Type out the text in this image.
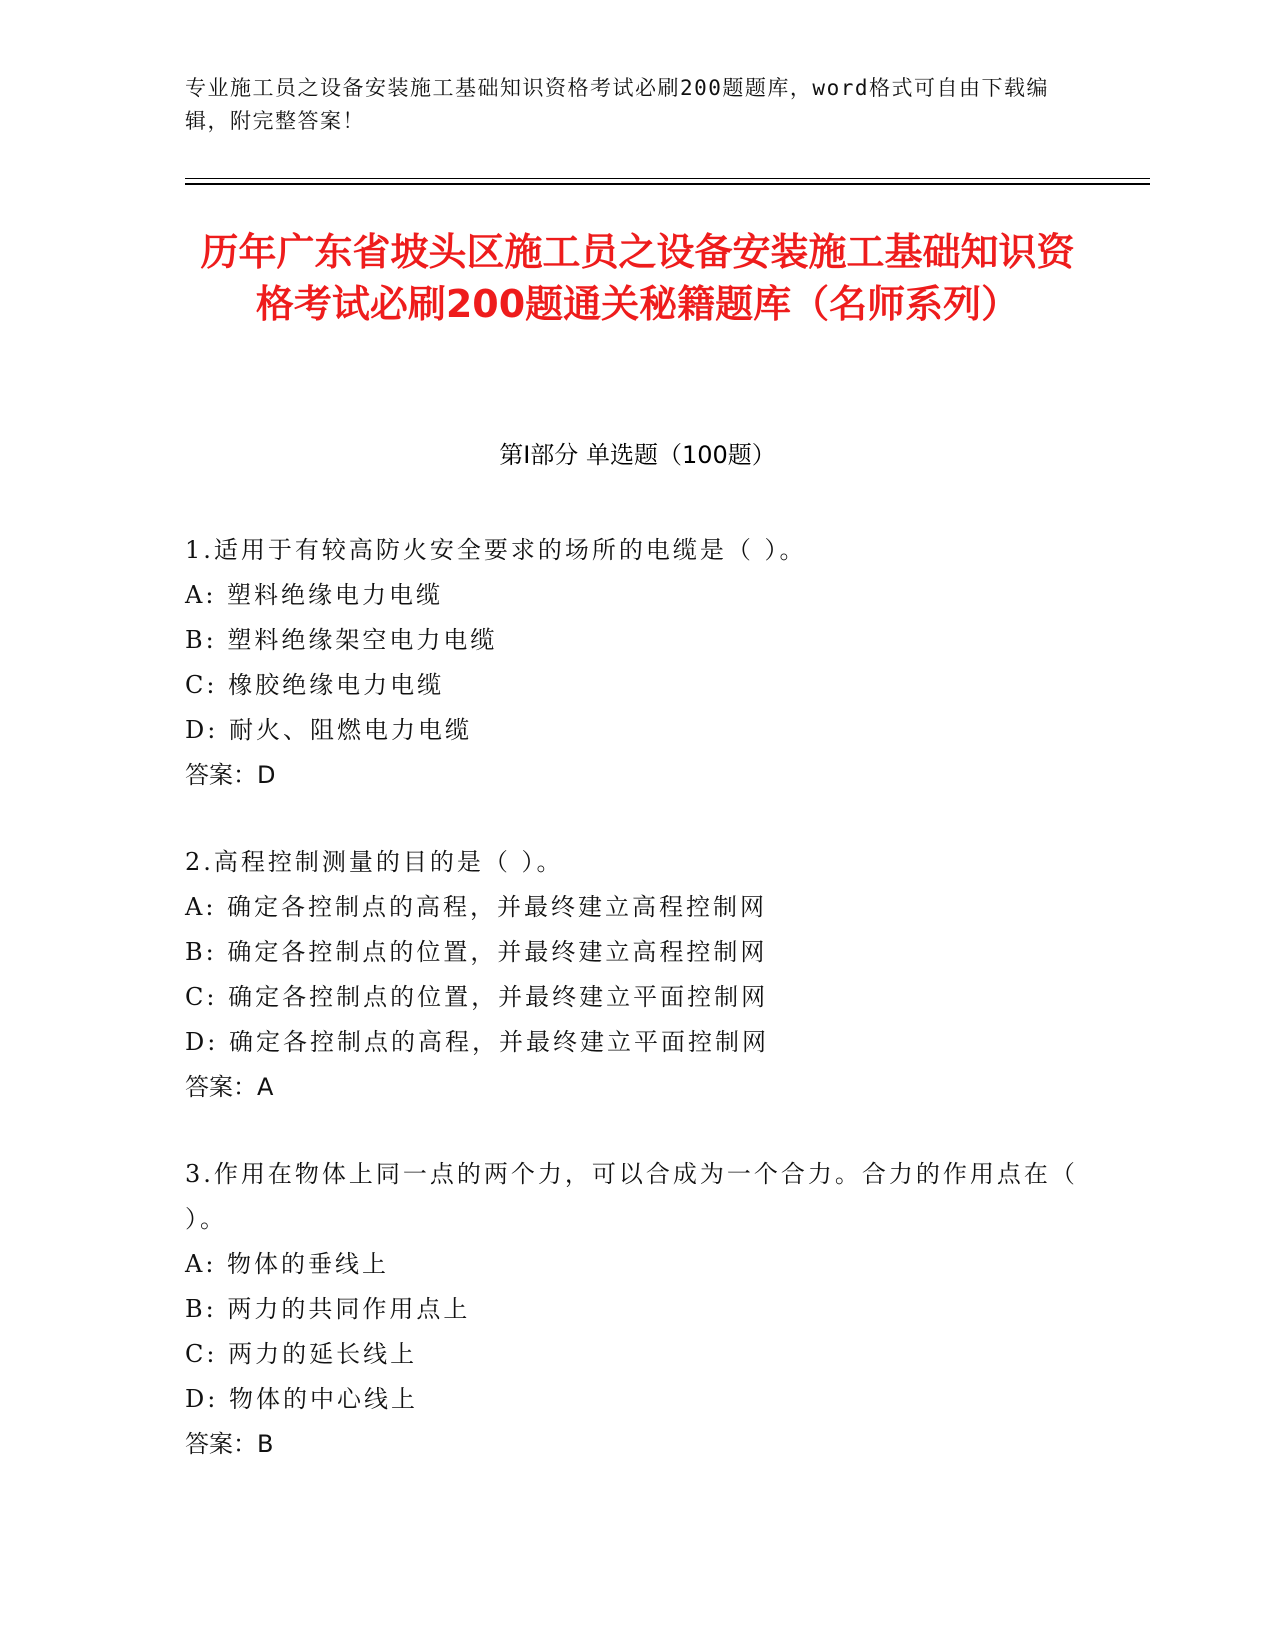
专业施工员之设备安装施工基础知识资格考试必刷200题题库，word格式可自由下载编辑，附完整答案！
历年广东省坡头区施工员之设备安装施工基础知识资格考试必刷200题通关秘籍题库（名师系列）
第I部分 单选题（100题）
1.适用于有较高防火安全要求的场所的电缆是（ ）。
A: 塑料绝缘电力电缆
B: 塑料绝缘架空电力电缆
C: 橡胶绝缘电力电缆
D: 耐火、阻燃电力电缆
答案：D
2.高程控制测量的目的是（ ）。
A: 确定各控制点的高程，并最终建立高程控制网
B: 确定各控制点的位置，并最终建立高程控制网
C: 确定各控制点的位置，并最终建立平面控制网
D: 确定各控制点的高程，并最终建立平面控制网
答案：A
3.作用在物体上同一点的两个力，可以合成为一个合力。合力的作用点在（ ）。
A: 物体的垂线上
B: 两力的共同作用点上
C: 两力的延长线上
D: 物体的中心线上
答案：B
